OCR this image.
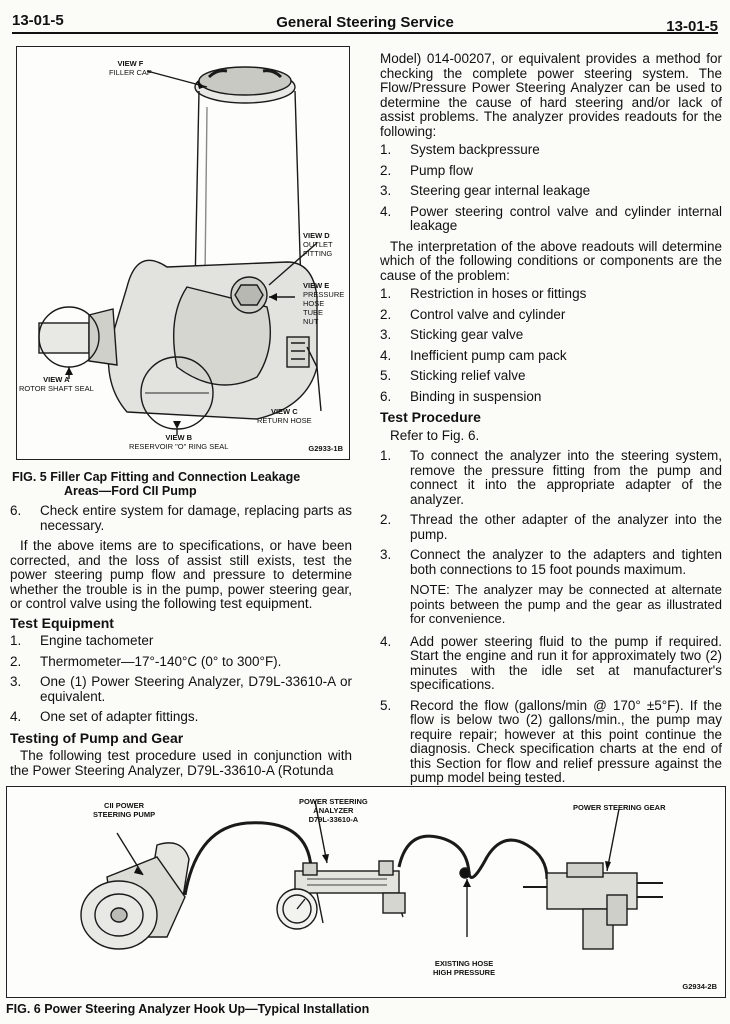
13-01-5	General Steering Service	13-01-5
VIEW F
FILLER CAP
VIEW D
OUTLET
FITTING
VIEW E
PRESSURE
HOSE
TUBE
NUT
VIEW A
ROTOR SHAFT SEAL
VIEW C
RETURN HOSE
VIEW B
RESERVOIR "O" RING SEAL	G2933-1B
FIG. 5 Filler Cap Fitting and Connection Leakage
Areas—Ford CII Pump
6. Check entire system for damage, replacing parts as necessary.

If the above items are to specifications, or have been corrected, and the loss of assist still exists, test the power steering pump flow and pressure to determine whether the trouble is in the pump, power steering gear, or control valve using the following test equipment.

Test Equipment
1. Engine tachometer
2. Thermometer—17°-140°C (0° to 300°F).
3. One (1) Power Steering Analyzer, D79L-33610-A or equivalent.
4. One set of adapter fittings.
Testing of Pump and Gear

The following test procedure used in conjunction with the Power Steering Analyzer, D79L-33610-A (Rotunda

Model) 014-00207, or equivalent provides a method for checking the complete power steering system. The Flow/Pressure Power Steering Analyzer can be used to determine the cause of hard steering and/or lack of assist problems. The analyzer provides readouts for the following:

1. System backpressure
2. Pump flow
3. Steering gear internal leakage
4. Power steering control valve and cylinder internal leakage

The interpretation of the above readouts will determine which of the following conditions or components are the cause of the problem:

1. Restriction in hoses or fittings
2. Control valve and cylinder
3. Sticking gear valve
4. Inefficient pump cam pack
5. Sticking relief valve
6. Binding in suspension
Test Procedure

Refer to Fig. 6.

1. To connect the analyzer into the steering system, remove the pressure fitting from the pump and connect it into the appropriate adapter of the analyzer.
2. Thread the other adapter of the analyzer into the pump.
3. Connect the analyzer to the adapters and tighten both connections to 15 foot pounds maximum.

NOTE: The analyzer may be connected at alternate points between the pump and the gear as illustrated for convenience.

4. Add power steering fluid to the pump if required. Start the engine and run it for approximately two (2) minutes with the idle set at manufacturer's specifications.
5. Record the flow (gallons/min @ 170° ±5°F). If the flow is below two (2) gallons/min., the pump may require repair; however at this point continue the diagnosis. Check specification charts at the end of this Section for flow and relief pressure against the pump model being tested.
CII POWER
STEERING PUMP
POWER STEERING
ANALYZER
D79L-33610-A
POWER STEERING GEAR
EXISTING HOSE
HIGH PRESSURE
G2934-2B
FIG. 6 Power Steering Analyzer Hook Up—Typical Installation
